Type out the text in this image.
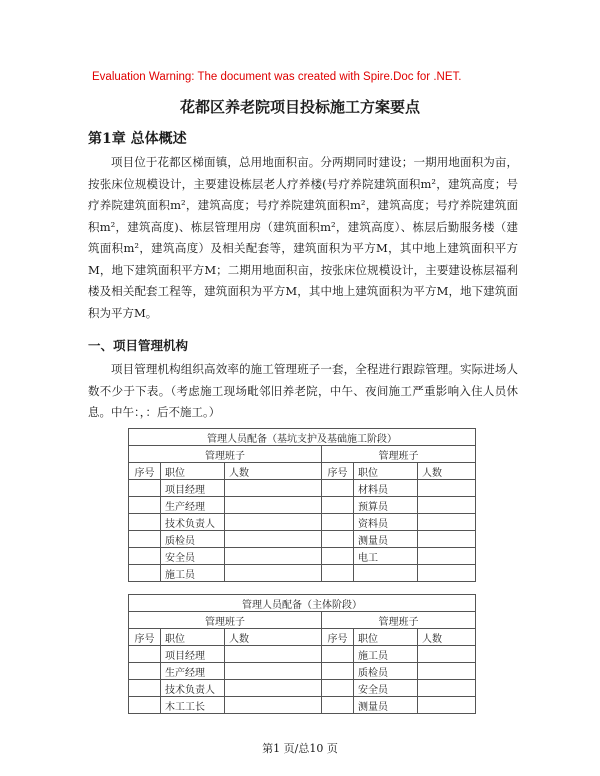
Evaluation Warning: The document was created with Spire.Doc for .NET.
花都区养老院项目投标施工方案要点
第1章 总体概述
项目位于花都区梯面镇，总用地面积亩。分两期同时建设；一期用地面积为亩，按张床位规模设计，主要建设栋层老人疗养楼(号疗养院建筑面积m²，建筑高度；号疗养院建筑面积m²，建筑高度；号疗养院建筑面积m²，建筑高度；号疗养院建筑面积m²，建筑高度)、栋层管理用房（建筑面积m²，建筑高度）、栋层后勤服务楼（建筑面积m²，建筑高度）及相关配套等，建筑面积为平方M，其中地上建筑面积平方M，地下建筑面积平方M；二期用地面积亩，按张床位规模设计，主要建设栋层福利楼及相关配套工程等，建筑面积为平方M，其中地上建筑面积为平方M，地下建筑面积为平方M。
一、项目管理机构
项目管理机构组织高效率的施工管理班子一套，全程进行跟踪管理。实际进场人数不少于下表。（考虑施工现场毗邻旧养老院，中午、夜间施工严重影响入住人员休息。中午：，：后不施工。）
管理人员配备（基坑支护及基础施工阶段）					
管理班子			管理班子		
序号	职位	人数	序号	职位	人数
	项目经理			材料员	
	生产经理			预算员	
	技术负责人			资料员	
	质检员			测量员	
	安全员			电工	
	施工员				
管理人员配备（主体阶段）					
管理班子			管理班子		
序号	职位	人数	序号	职位	人数
	项目经理			施工员	
	生产经理			质检员	
	技术负责人			安全员	
	木工工长			测量员	
第1 页/总10 页
